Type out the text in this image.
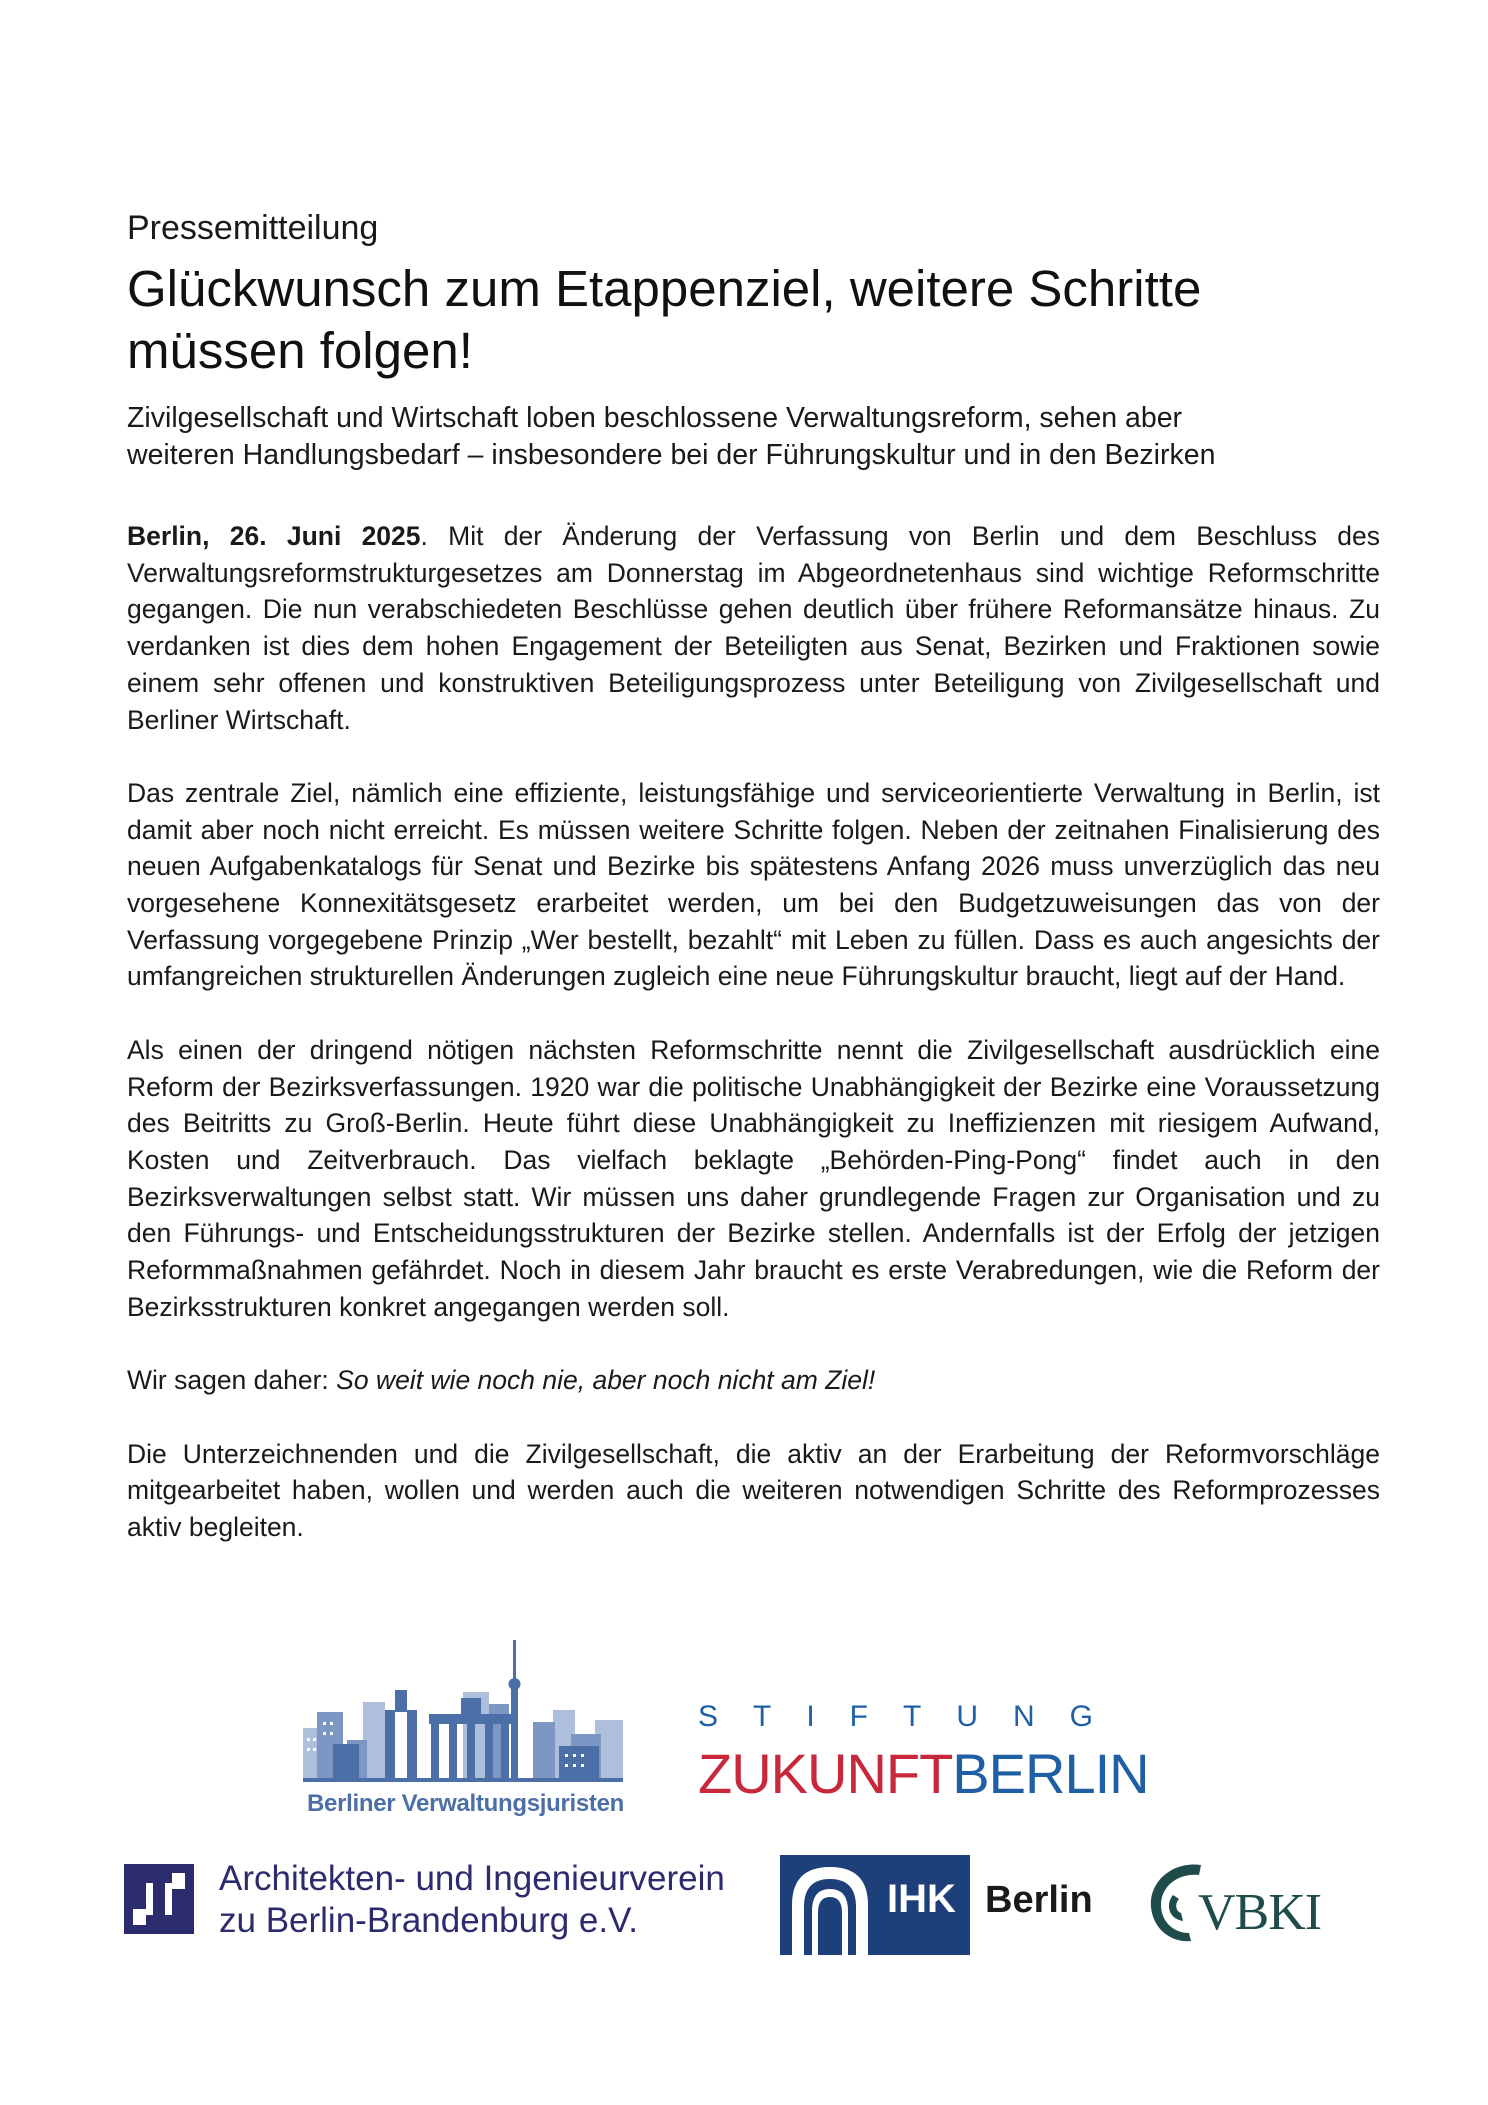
Pressemitteilung
Glückwunsch zum Etappenziel, weitere Schritte
müssen folgen!

Zivilgesellschaft und Wirtschaft loben beschlossene Verwaltungsreform, sehen aber
weiteren Handlungsbedarf – insbesondere bei der Führungskultur und in den Bezirken

Berlin, 26. Juni 2025. Mit der Änderung der Verfassung von Berlin und dem Beschluss des Verwaltungsreformstrukturgesetzes am Donnerstag im Abgeordnetenhaus sind wichtige Reformschritte gegangen. Die nun verabschiedeten Beschlüsse gehen deutlich über frühere Reformansätze hinaus. Zu verdanken ist dies dem hohen Engagement der Beteiligten aus Senat, Bezirken und Fraktionen sowie einem sehr offenen und konstruktiven Beteiligungsprozess unter Beteiligung von Zivilgesellschaft und Berliner Wirtschaft.

Das zentrale Ziel, nämlich eine effiziente, leistungsfähige und serviceorientierte Verwaltung in Berlin, ist damit aber noch nicht erreicht. Es müssen weitere Schritte folgen. Neben der zeitnahen Finalisierung des neuen Aufgabenkatalogs für Senat und Bezirke bis spätestens Anfang 2026 muss unverzüglich das neu vorgesehene Konnexitätsgesetz erarbeitet werden, um bei den Budgetzuweisungen das von der Verfassung vorgegebene Prinzip „Wer bestellt, bezahlt“ mit Leben zu füllen. Dass es auch angesichts der umfangreichen strukturellen Änderungen zugleich eine neue Führungskultur braucht, liegt auf der Hand.

Als einen der dringend nötigen nächsten Reformschritte nennt die Zivilgesellschaft ausdrücklich eine Reform der Bezirksverfassungen. 1920 war die politische Unabhängigkeit der Bezirke eine Voraussetzung des Beitritts zu Groß-Berlin. Heute führt diese Unabhängigkeit zu Ineffizienzen mit riesigem Aufwand, Kosten und Zeitverbrauch. Das vielfach beklagte „Behörden-Ping-Pong“ findet auch in den Bezirksverwaltungen selbst statt. Wir müssen uns daher grundlegende Fragen zur Organisation und zu den Führungs- und Entscheidungsstrukturen der Bezirke stellen. Andernfalls ist der Erfolg der jetzigen Reformmaßnahmen gefährdet. Noch in diesem Jahr braucht es erste Verabredungen, wie die Reform der Bezirksstrukturen konkret angegangen werden soll.

Wir sagen daher: So weit wie noch nie, aber noch nicht am Ziel!

Die Unterzeichnenden und die Zivilgesellschaft, die aktiv an der Erarbeitung der Reformvorschläge mitgearbeitet haben, wollen und werden auch die weiteren notwendigen Schritte des Reformprozesses aktiv begleiten.

Berliner Verwaltungsjuristen
STIFTUNG
ZUKUNFTBERLIN
Architekten- und Ingenieurverein
zu Berlin-Brandenburg e.V.	IHK Berlin VBKI
